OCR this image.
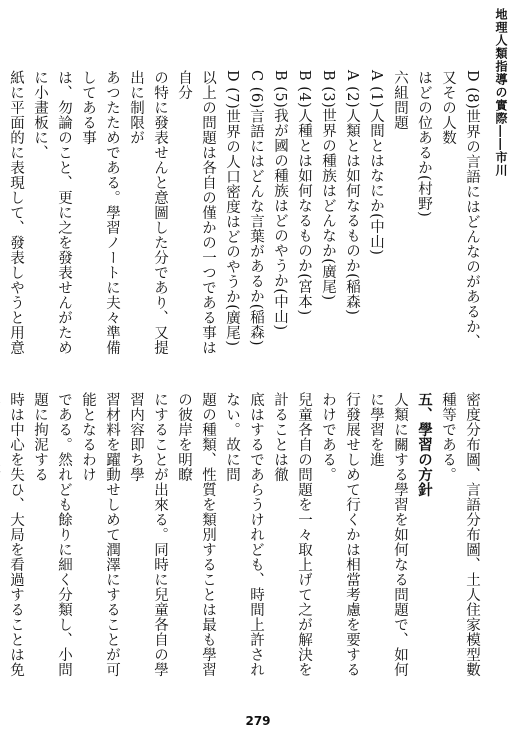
地理人類指導の實際――市川
D (8)世界の言語にはどんなのがあるか、又その人数
はどの位あるか(村野)
六組問題
A (1)人間とはなにか(中山)
A (2)人類とは如何なるものか(稲森)
B (3)世界の種族はどんなか(廣尾)
B (4)人種とは如何なるものか(宮本)
B (5)我が國の種族はどのやうか(中山)
C (6)言語にはどんな言葉があるか(稲森)
D (7)世界の人口密度はどのやうか(廣尾)
以上の問題は各自の僅かの一つである事は自分
の特に發表せんと意圖した分であり、又提出に制限が
あつたためである。學習ノートに夫々準備してある事
は、勿論のこと、更に之を發表せんがために小畫板に、
紙に平面的に表現して、發表しやうと用意
密度分布圖、言語分布圖、土人住家模型數種等である。
五、學習の方針
人類に關する學習を如何なる問題で、如何に學習を進
行發展せしめて行くかは相當考慮を要するわけである。
兒童各自の問題を一々取上げて之が解決を計ることは徹
底はするであらうけれども、時間上許されない。故に問
題の種類、性質を類別することは最も學習の彼岸を明瞭
にすることが出來る。同時に兒童各自の學習内容即ち學
習材料を躍動せしめて潤澤にすることが可能となるわけ
である。然れども餘りに細く分類し、小問題に拘泥する
時は中心を失ひ、大局を看過することは免
279
